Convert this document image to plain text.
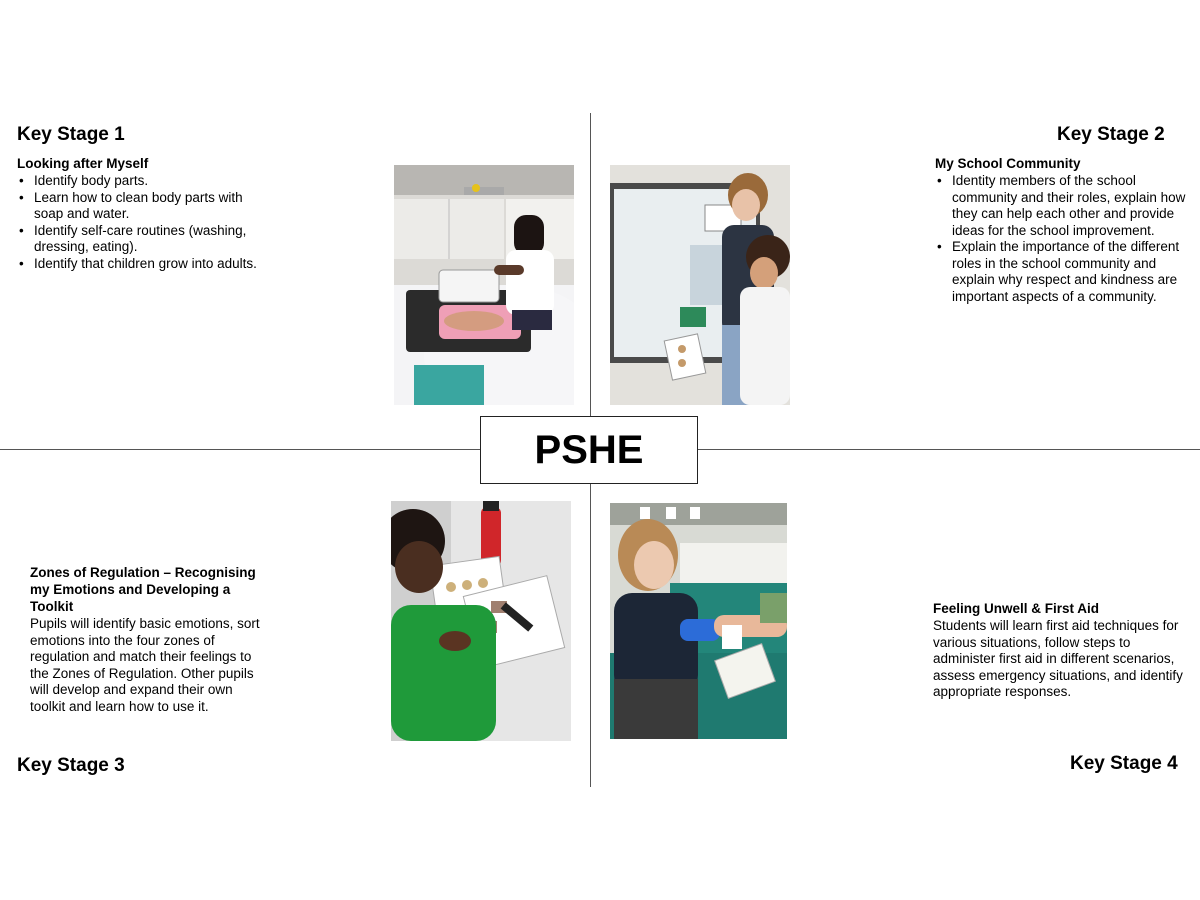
Key Stage 1
Looking after Myself
• Identify body parts.
• Learn how to clean body parts with soap and water.
• Identify self-care routines (washing, dressing, eating).
• Identify that children grow into adults.
Key Stage 2
My School Community
• Identity members of the school community and their roles, explain how they can help each other and provide ideas for the school improvement.
• Explain the importance of the different roles in the school community and explain why respect and kindness are important aspects of a community.
Zones of Regulation – Recognising my Emotions and Developing a Toolkit
Pupils will identify basic emotions, sort emotions into the four zones of regulation and match their feelings to the Zones of Regulation. Other pupils will develop and expand their own toolkit and learn how to use it.
Key Stage 3
Feeling Unwell & First Aid
Students will learn first aid techniques for various situations, follow steps to administer first aid in different scenarios, assess emergency situations, and identify appropriate responses.
Key Stage 4
PSHE
